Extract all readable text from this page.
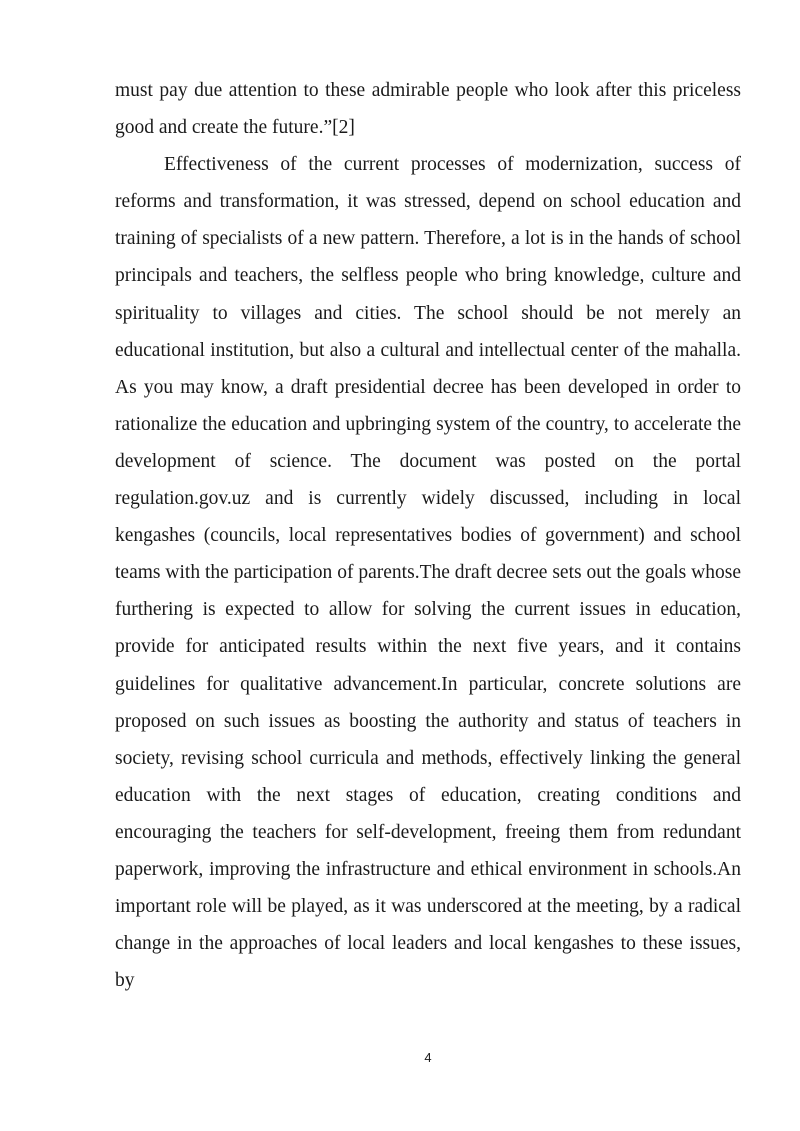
must pay due attention to these admirable people who look after this priceless good and create the future.”[2]

Effectiveness of the current processes of modernization, success of reforms and transformation, it was stressed, depend on school education and training of specialists of a new pattern. Therefore, a lot is in the hands of school principals and teachers, the selfless people who bring knowledge, culture and spirituality to villages and cities. The school should be not merely an educational institution, but also a cultural and intellectual center of the mahalla. As you may know, a draft presidential decree has been developed in order to rationalize the education and upbringing system of the country, to accelerate the development of science. The document was posted on the portal regulation.gov.uz and is currently widely discussed, including in local kengashes (councils, local representatives bodies of government) and school teams with the participation of parents.The draft decree sets out the goals whose furthering is expected to allow for solving the current issues in education, provide for anticipated results within the next five years, and it contains guidelines for qualitative advancement.In particular, concrete solutions are proposed on such issues as boosting the authority and status of teachers in society, revising school curricula and methods, effectively linking the general education with the next stages of education, creating conditions and encouraging the teachers for self-development, freeing them from redundant paperwork, improving the infrastructure and ethical environment in schools.An important role will be played, as it was underscored at the meeting, by a radical change in the approaches of local leaders and local kengashes to these issues, by

4
